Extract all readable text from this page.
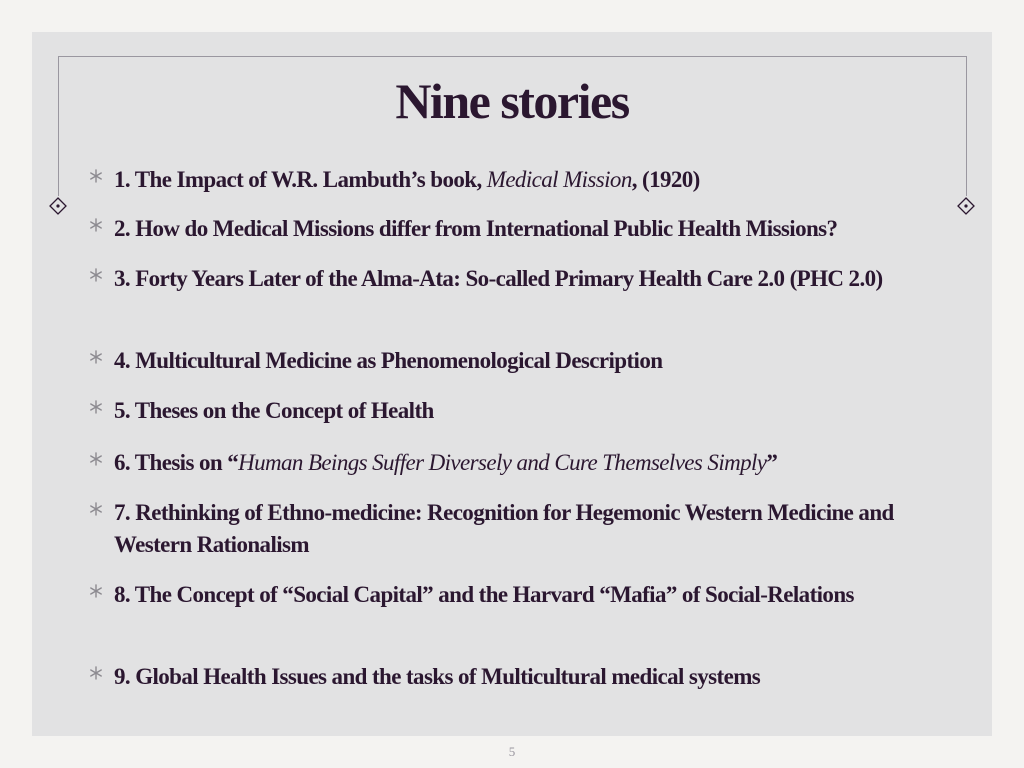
Nine stories
1. The Impact of W.R. Lambuth’s book, Medical Mission, (1920)
2. How do Medical Missions differ from International Public Health Missions?
3. Forty Years Later of the Alma-Ata: So-called Primary Health Care 2.0 (PHC 2.0)
4. Multicultural Medicine as Phenomenological Description
5. Theses on the Concept of Health
6. Thesis on “Human Beings Suffer Diversely and Cure Themselves Simply”
7. Rethinking of Ethno-medicine: Recognition for Hegemonic Western Medicine and Western Rationalism
8. The Concept of “Social Capital” and the Harvard “Mafia” of Social-Relations
9. Global Health Issues and the tasks of Multicultural medical systems
5
